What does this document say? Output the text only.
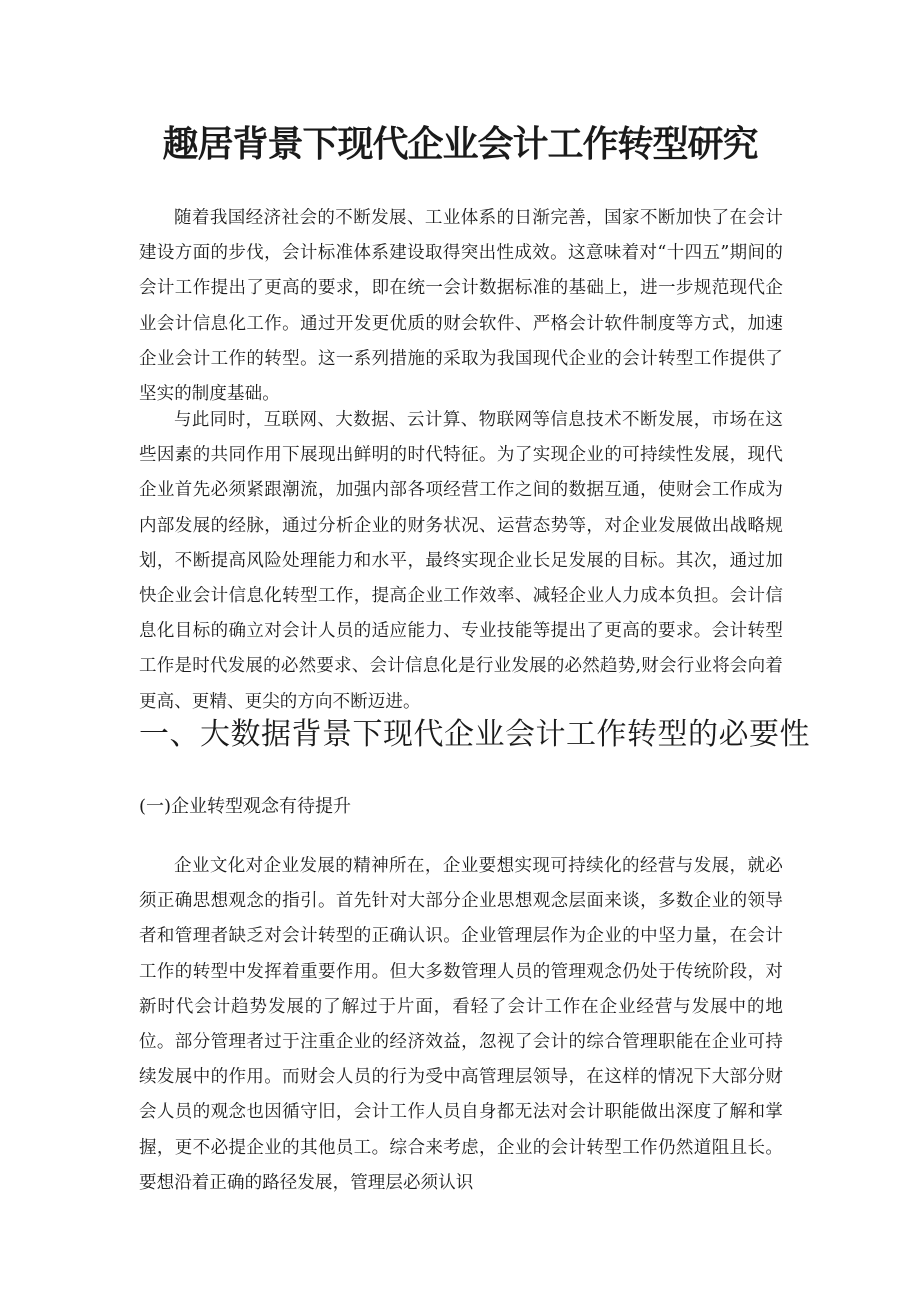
趣居背景下现代企业会计工作转型研究

随着我国经济社会的不断发展、工业体系的日渐完善，国家不断加快了在会计建设方面的步伐，会计标准体系建设取得突出性成效。这意味着对“十四五”期间的会计工作提出了更高的要求，即在统一会计数据标准的基础上，进一步规范现代企业会计信息化工作。通过开发更优质的财会软件、严格会计软件制度等方式，加速企业会计工作的转型。这一系列措施的采取为我国现代企业的会计转型工作提供了坚实的制度基础。

与此同时，互联网、大数据、云计算、物联网等信息技术不断发展，市场在这些因素的共同作用下展现出鲜明的时代特征。为了实现企业的可持续性发展，现代企业首先必须紧跟潮流，加强内部各项经营工作之间的数据互通，使财会工作成为内部发展的经脉，通过分析企业的财务状况、运营态势等，对企业发展做出战略规划，不断提高风险处理能力和水平，最终实现企业长足发展的目标。其次，通过加快企业会计信息化转型工作，提高企业工作效率、减轻企业人力成本负担。会计信息化目标的确立对会计人员的适应能力、专业技能等提出了更高的要求。会计转型工作是时代发展的必然要求、会计信息化是行业发展的必然趋势,财会行业将会向着更高、更精、更尖的方向不断迈进。

一、大数据背景下现代企业会计工作转型的必要性
(一)企业转型观念有待提升

企业文化对企业发展的精神所在，企业要想实现可持续化的经营与发展，就必须正确思想观念的指引。首先针对大部分企业思想观念层面来谈，多数企业的领导者和管理者缺乏对会计转型的正确认识。企业管理层作为企业的中坚力量，在会计工作的转型中发挥着重要作用。但大多数管理人员的管理观念仍处于传统阶段，对新时代会计趋势发展的了解过于片面，看轻了会计工作在企业经营与发展中的地位。部分管理者过于注重企业的经济效益，忽视了会计的综合管理职能在企业可持续发展中的作用。而财会人员的行为受中高管理层领导，在这样的情况下大部分财会人员的观念也因循守旧，会计工作人员自身都无法对会计职能做出深度了解和掌握，更不必提企业的其他员工。综合来考虑，企业的会计转型工作仍然道阻且长。要想沿着正确的路径发展，管理层必须认识
